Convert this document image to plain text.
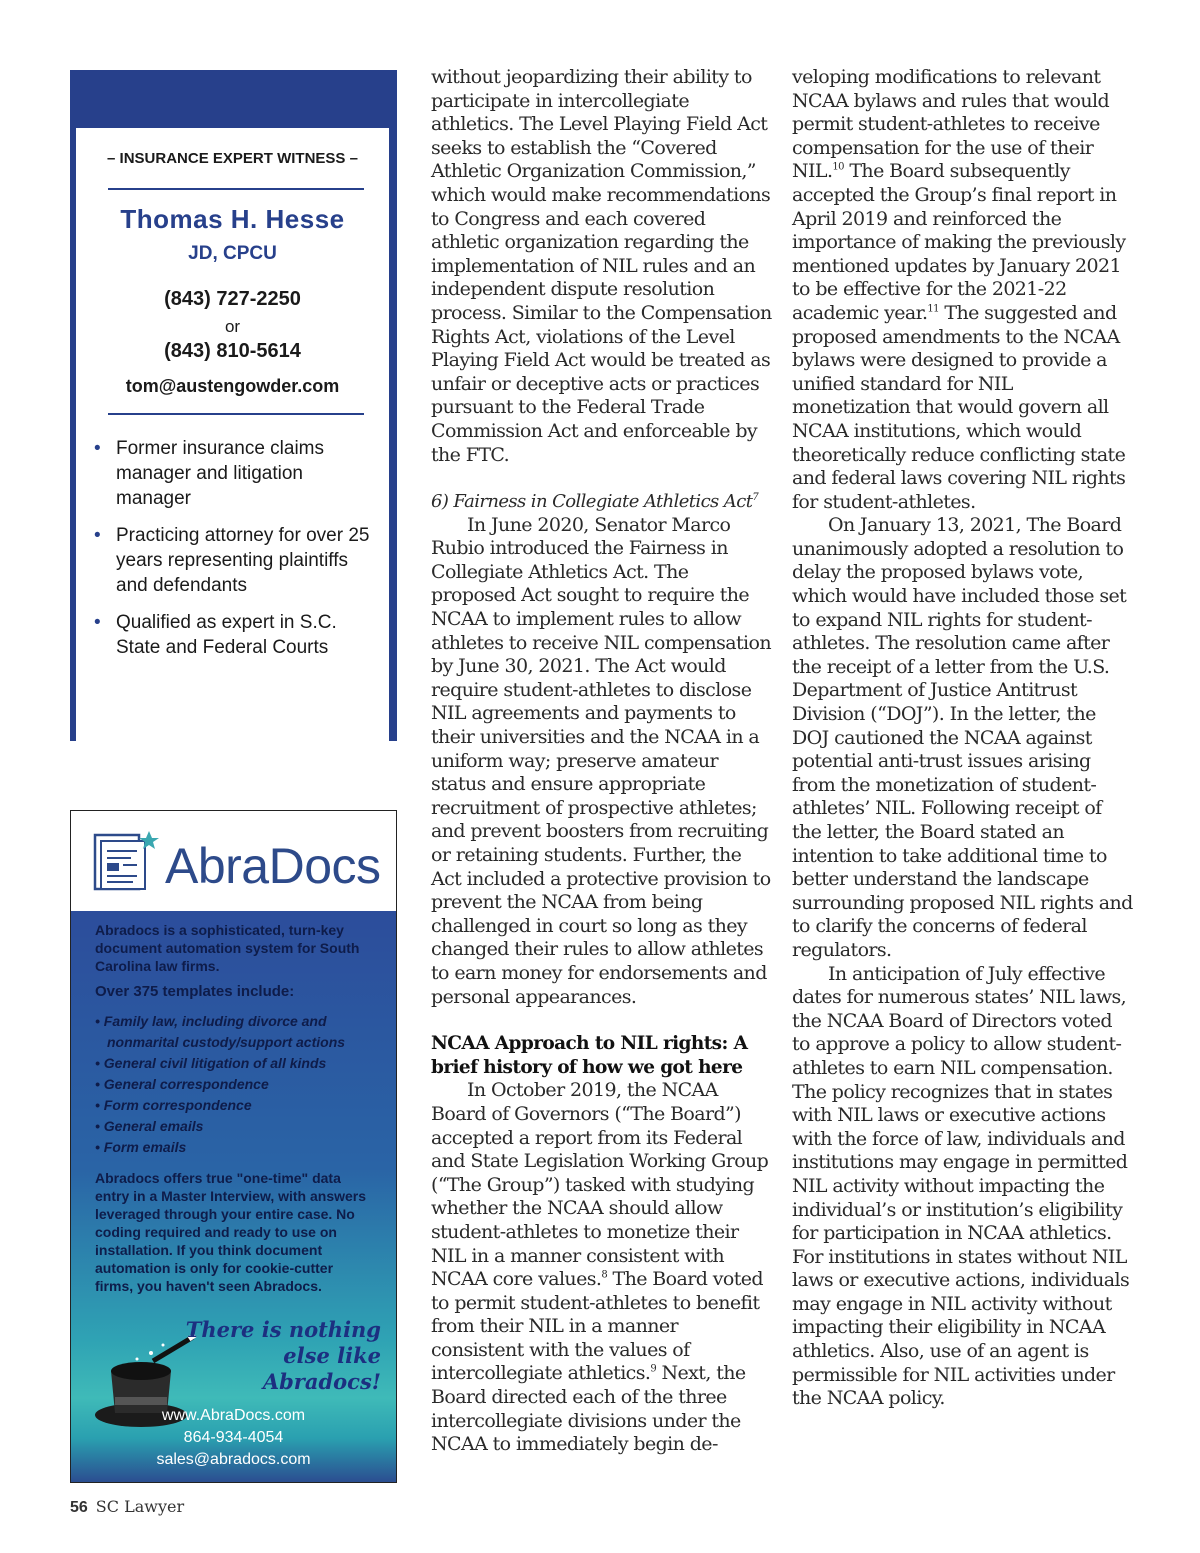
– INSURANCE EXPERT WITNESS –
Thomas H. Hesse
JD, CPCU
(843) 727-2250
or
(843) 810-5614
tom@austengowder.com
• Former insurance claims manager and litigation manager
• Practicing attorney for over 25 years representing plaintiffs and defendants
• Qualified as expert in S.C. State and Federal Courts
AbraDocs
Abradocs is a sophisticated, turn-key document automation system for South Carolina law firms.
Over 375 templates include:
• Family law, including divorce and
nonmarital custody/support actions
• General civil litigation of all kinds
• General correspondence
• Form correspondence
• General emails
• Form emails
Abradocs offers true "one-time" data entry in a Master Interview, with answers leveraged through your entire case. No coding required and ready to use on installation. If you think document automation is only for cookie-cutter firms, you haven't seen Abradocs.
There is nothing
else like Abradocs!
www.AbraDocs.com
864-934-4054
sales@abradocs.com

without jeopardizing their ability to participate in intercollegiate athletics. The Level Playing Field Act seeks to establish the “Covered Athletic Organization Commission,” which would make recommendations to Congress and each covered athletic organization regarding the implementation of NIL rules and an independent dispute resolution process. Similar to the Compensation Rights Act, violations of the Level Playing Field Act would be treated as unfair or deceptive acts or practices pursuant to the Federal Trade Commission Act and enforceable by the FTC.

6) Fairness in Collegiate Athletics Act$^7$

In June 2020, Senator Marco Rubio introduced the Fairness in Collegiate Athletics Act. The proposed Act sought to require the NCAA to implement rules to allow athletes to receive NIL compensation by June 30, 2021. The Act would require student-athletes to disclose NIL agreements and payments to their universities and the NCAA in a uniform way; preserve amateur status and ensure appropriate recruitment of prospective athletes; and prevent boosters from recruiting or retaining students. Further, the Act included a protective provision to prevent the NCAA from being challenged in court so long as they changed their rules to allow athletes to earn money for endorsements and personal appearances.

NCAA Approach to NIL rights: A brief history of how we got here

In October 2019, the NCAA Board of Governors (“The Board”) accepted a report from its Federal and State Legislation Working Group (“The Group”) tasked with studying whether the NCAA should allow student-athletes to monetize their NIL in a manner consistent with NCAA core values.$^8$ The Board voted to permit student-athletes to benefit from their NIL in a manner consistent with the values of intercollegiate athletics.$^9$ Next, the Board directed each of the three intercollegiate divisions under the NCAA to immediately begin de-

veloping modifications to relevant NCAA bylaws and rules that would permit student-athletes to receive compensation for the use of their NIL.$^{10}$ The Board subsequently accepted the Group’s final report in April 2019 and reinforced the importance of making the previously mentioned updates by January 2021 to be effective for the 2021-22 academic year.$^{11}$ The suggested and proposed amendments to the NCAA bylaws were designed to provide a unified standard for NIL monetization that would govern all NCAA institutions, which would theoretically reduce conflicting state and federal laws covering NIL rights for student-athletes.

On January 13, 2021, The Board unanimously adopted a resolution to delay the proposed bylaws vote, which would have included those set to expand NIL rights for student-athletes. The resolution came after the receipt of a letter from the U.S. Department of Justice Antitrust Division (“DOJ”). In the letter, the DOJ cautioned the NCAA against potential anti-trust issues arising from the monetization of student-athletes’ NIL. Following receipt of the letter, the Board stated an intention to take additional time to better understand the landscape surrounding proposed NIL rights and to clarify the concerns of federal regulators.

In anticipation of July effective dates for numerous states’ NIL laws, the NCAA Board of Directors voted to approve a policy to allow student-athletes to earn NIL compensation. The policy recognizes that in states with NIL laws or executive actions with the force of law, individuals and institutions may engage in permitted NIL activity without impacting the individual’s or institution’s eligibility for participation in NCAA athletics. For institutions in states without NIL laws or executive actions, individuals may engage in NIL activity without impacting their eligibility in NCAA athletics. Also, use of an agent is permissible for NIL activities under the NCAA policy.

56 SC Lawyer
